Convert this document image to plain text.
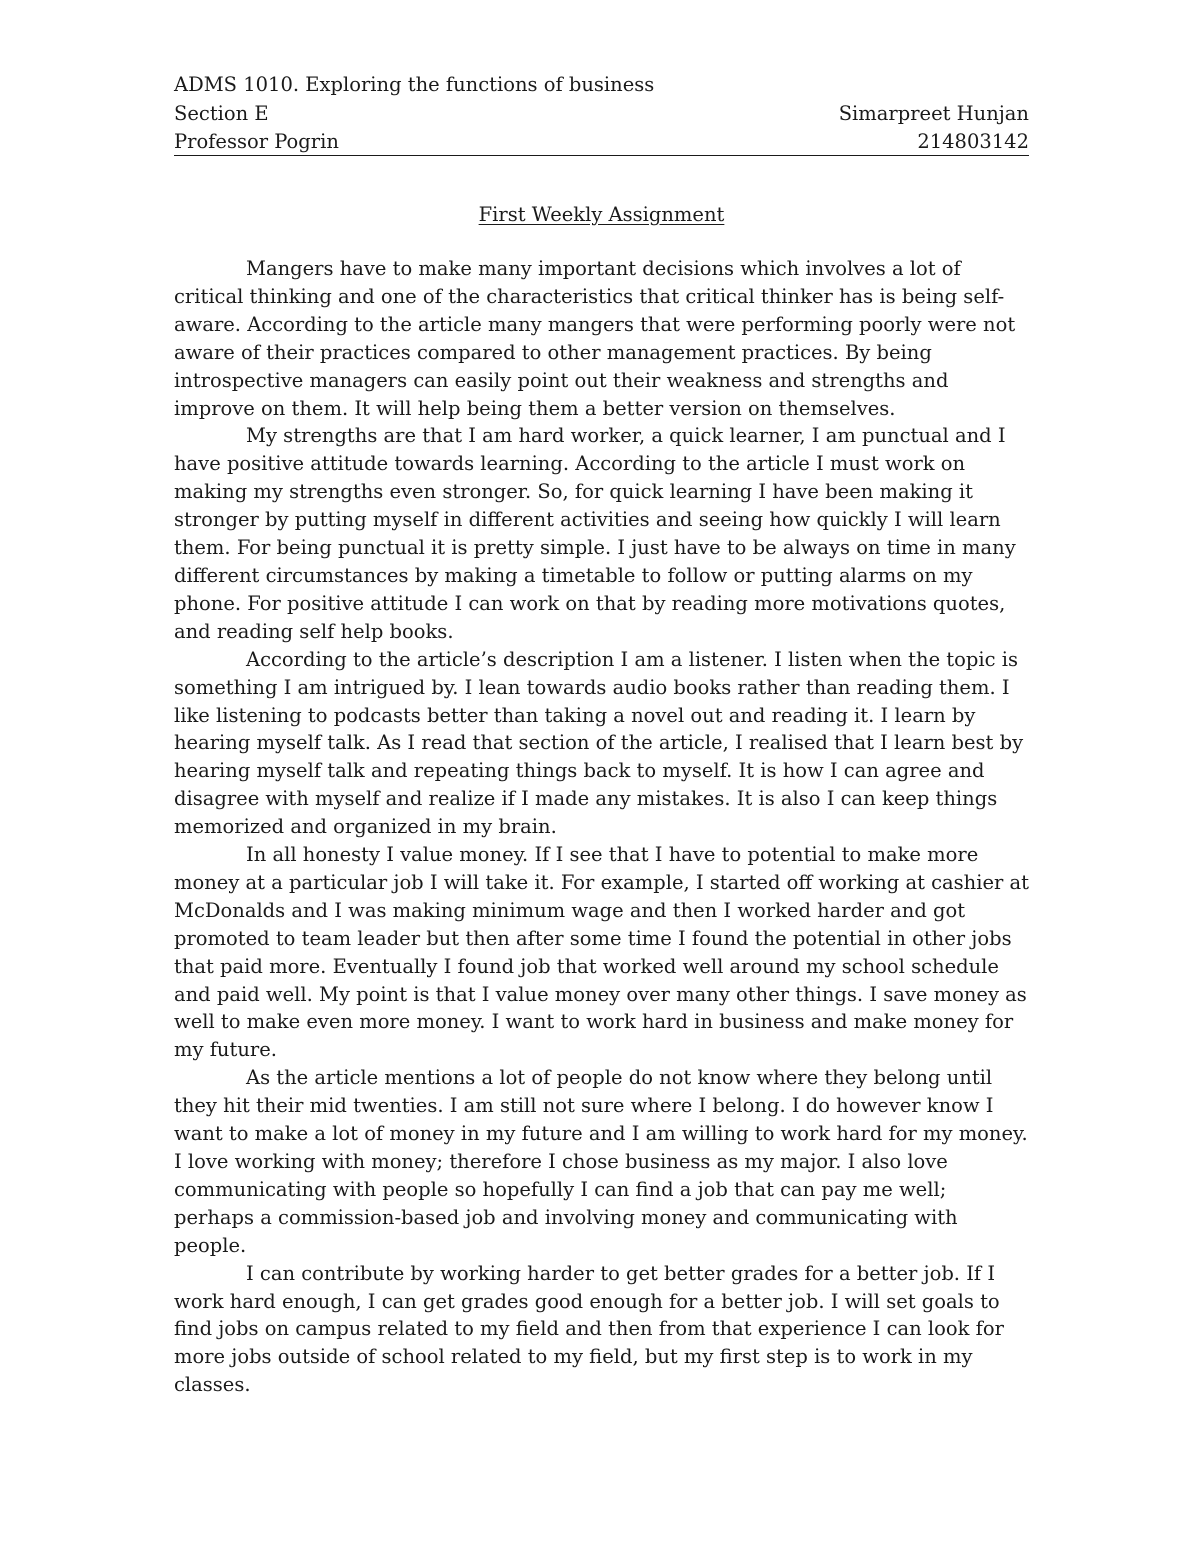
ADMS 1010. Exploring the functions of business
Section E	Simarpreet Hunjan
Professor Pogrin	214803142
First Weekly Assignment

Mangers have to make many important decisions which involves a lot of critical thinking and one of the characteristics that critical thinker has is being self-aware. According to the article many mangers that were performing poorly were not aware of their practices compared to other management practices. By being introspective managers can easily point out their weakness and strengths and improve on them. It will help being them a better version on themselves.

My strengths are that I am hard worker, a quick learner, I am punctual and I have positive attitude towards learning. According to the article I must work on making my strengths even stronger. So, for quick learning I have been making it stronger by putting myself in different activities and seeing how quickly I will learn them. For being punctual it is pretty simple. I just have to be always on time in many different circumstances by making a timetable to follow or putting alarms on my phone. For positive attitude I can work on that by reading more motivations quotes, and reading self help books.

According to the article’s description I am a listener. I listen when the topic is something I am intrigued by. I lean towards audio books rather than reading them. I like listening to podcasts better than taking a novel out and reading it. I learn by hearing myself talk. As I read that section of the article, I realised that I learn best by hearing myself talk and repeating things back to myself. It is how I can agree and disagree with myself and realize if I made any mistakes. It is also I can keep things memorized and organized in my brain.

In all honesty I value money. If I see that I have to potential to make more money at a particular job I will take it. For example, I started off working at cashier at McDonalds and I was making minimum wage and then I worked harder and got promoted to team leader but then after some time I found the potential in other jobs that paid more. Eventually I found job that worked well around my school schedule and paid well. My point is that I value money over many other things. I save money as well to make even more money. I want to work hard in business and make money for my future.

As the article mentions a lot of people do not know where they belong until they hit their mid twenties. I am still not sure where I belong. I do however know I want to make a lot of money in my future and I am willing to work hard for my money. I love working with money; therefore I chose business as my major. I also love communicating with people so hopefully I can find a job that can pay me well; perhaps a commission-based job and involving money and communicating with people.

I can contribute by working harder to get better grades for a better job. If I work hard enough, I can get grades good enough for a better job. I will set goals to find jobs on campus related to my field and then from that experience I can look for more jobs outside of school related to my field, but my first step is to work in my classes.
